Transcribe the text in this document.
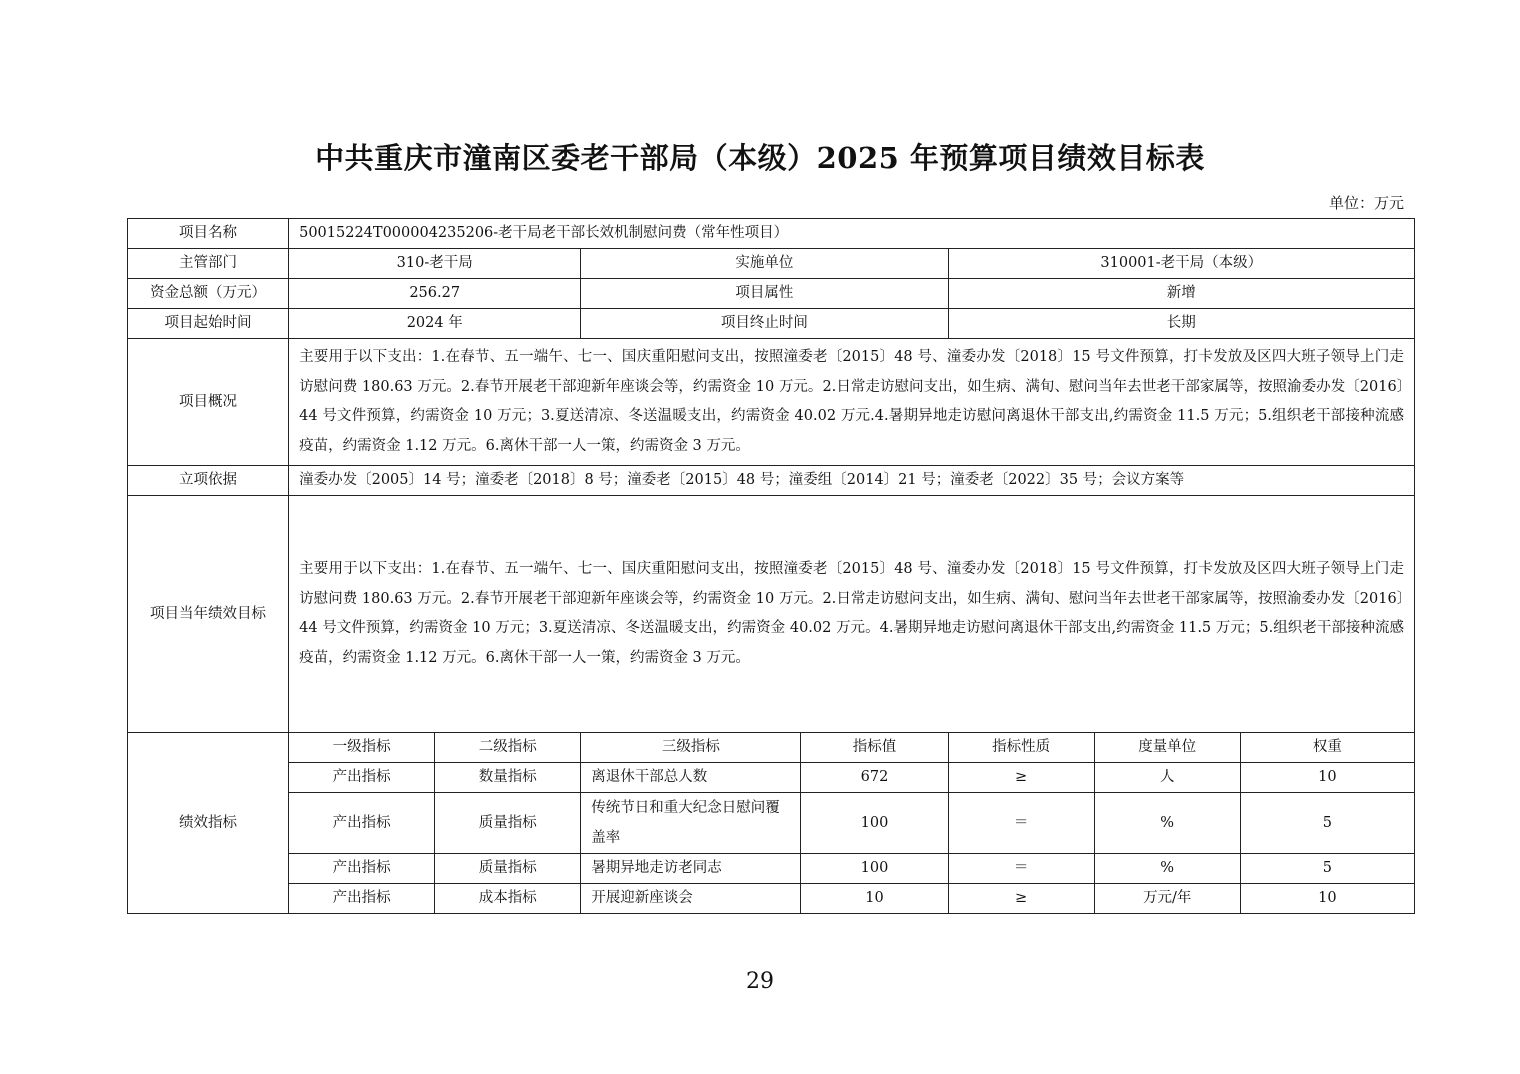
中共重庆市潼南区委老干部局（本级）2025 年预算项目绩效目标表
单位：万元
项目名称	50015224T000004235206-老干局老干部长效机制慰问费（常年性项目）						
主管部门	310-老干局		实施单位		310001-老干局（本级）		
资金总额（万元）	256.27		项目属性		新增		
项目起始时间	2024 年		项目终止时间		长期		
项目概况	主要用于以下支出：1.在春节、五一端午、七一、国庆重阳慰问支出，按照潼委老〔2015〕48 号、潼委办发〔2018〕15 号文件预算，打卡发放及区四大班子领导上门走访慰问费 180.63 万元。2.春节开展老干部迎新年座谈会等，约需资金 10 万元。2.日常走访慰问支出，如生病、满旬、慰问当年去世老干部家属等，按照渝委办发〔2016〕44 号文件预算，约需资金 10 万元；3.夏送清凉、冬送温暖支出，约需资金 40.02 万元.4.暑期异地走访慰问离退休干部支出,约需资金 11.5 万元；5.组织老干部接种流感疫苗，约需资金 1.12 万元。6.离休干部一人一策，约需资金 3 万元。						

立项依据	潼委办发〔2005〕14 号；潼委老〔2018〕8 号；潼委老〔2015〕48 号；潼委组〔2014〕21 号；潼委老〔2022〕35 号；会议方案等						
项目当年绩效目标	主要用于以下支出：1.在春节、五一端午、七一、国庆重阳慰问支出，按照潼委老〔2015〕48 号、潼委办发〔2018〕15 号文件预算，打卡发放及区四大班子领导上门走访慰问费 180.63 万元。2.春节开展老干部迎新年座谈会等，约需资金 10 万元。2.日常走访慰问支出，如生病、满旬、慰问当年去世老干部家属等，按照渝委办发〔2016〕44 号文件预算，约需资金 10 万元；3.夏送清凉、冬送温暖支出，约需资金 40.02 万元。4.暑期异地走访慰问离退休干部支出,约需资金 11.5 万元；5.组织老干部接种流感疫苗，约需资金 1.12 万元。6.离休干部一人一策，约需资金 3 万元。						

绩效指标	一级指标	二级指标	三级指标	指标值	指标性质	度量单位	权重
	产出指标	数量指标	离退休干部总人数	672	≥	人	10
	产出指标	质量指标	传统节日和重大纪念日慰问覆盖率	100	＝	%	5
	产出指标	质量指标	暑期异地走访老同志	100	＝	%	5
	产出指标	成本指标	开展迎新座谈会	10	≥	万元/年	10
29
